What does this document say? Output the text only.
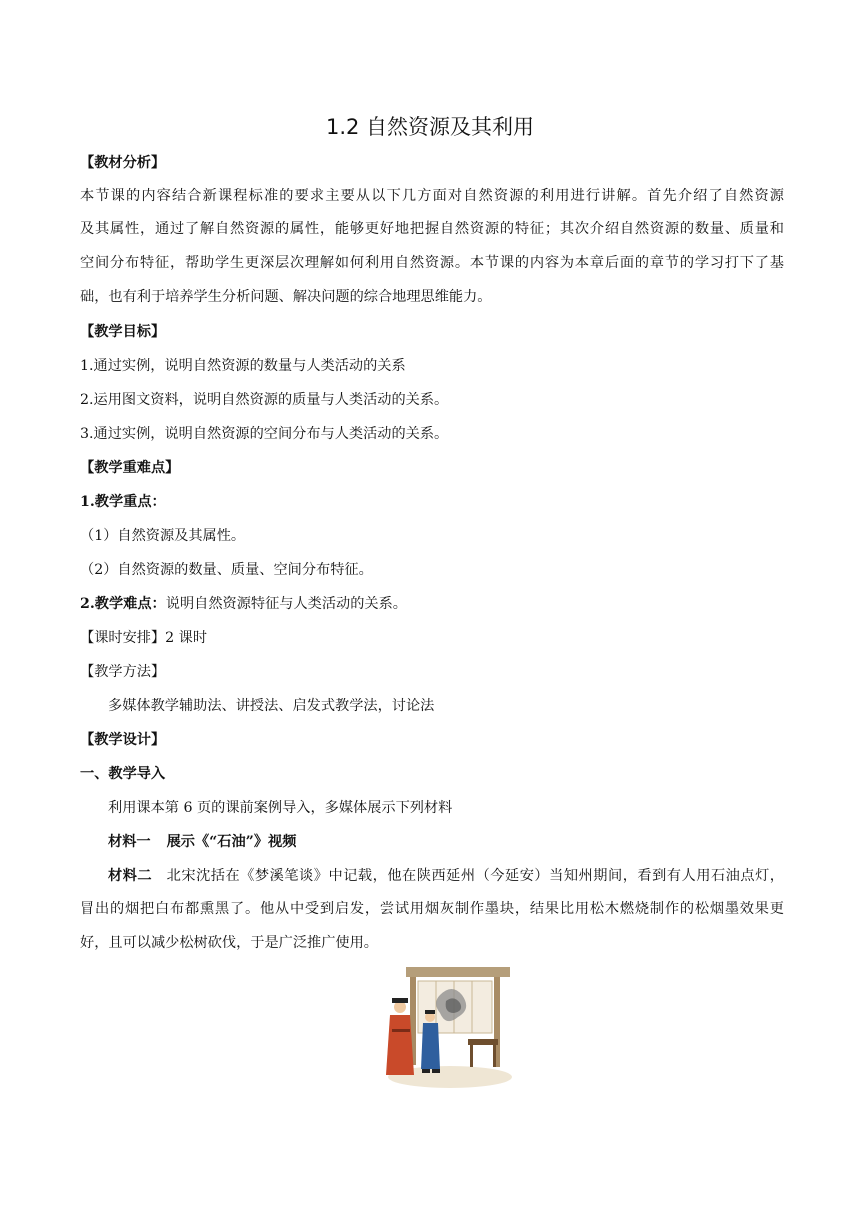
1.2 自然资源及其利用
【教材分析】
本节课的内容结合新课程标准的要求主要从以下几方面对自然资源的利用进行讲解。首先介绍了自然资源
及其属性，通过了解自然资源的属性，能够更好地把握自然资源的特征；其次介绍自然资源的数量、质量和
空间分布特征，帮助学生更深层次理解如何利用自然资源。本节课的内容为本章后面的章节的学习打下了基
础，也有利于培养学生分析问题、解决问题的综合地理思维能力。
【教学目标】
1.通过实例，说明自然资源的数量与人类活动的关系
2.运用图文资料，说明自然资源的质量与人类活动的关系。
3.通过实例，说明自然资源的空间分布与人类活动的关系。
【教学重难点】
1.教学重点：
（1）自然资源及其属性。
（2）自然资源的数量、质量、空间分布特征。
2.教学难点：说明自然资源特征与人类活动的关系。
【课时安排】2 课时
【教学方法】
多媒体教学辅助法、讲授法、启发式教学法，讨论法
【教学设计】
一、教学导入
利用课本第 6 页的课前案例导入，多媒体展示下列材料
材料一 展示《“石油”》视频
材料二 北宋沈括在《梦溪笔谈》中记载，他在陕西延州（今延安）当知州期间，看到有人用石油点灯，
冒出的烟把白布都熏黑了。他从中受到启发，尝试用烟灰制作墨块，结果比用松木燃烧制作的松烟墨效果更
好，且可以减少松树砍伐，于是广泛推广使用。
